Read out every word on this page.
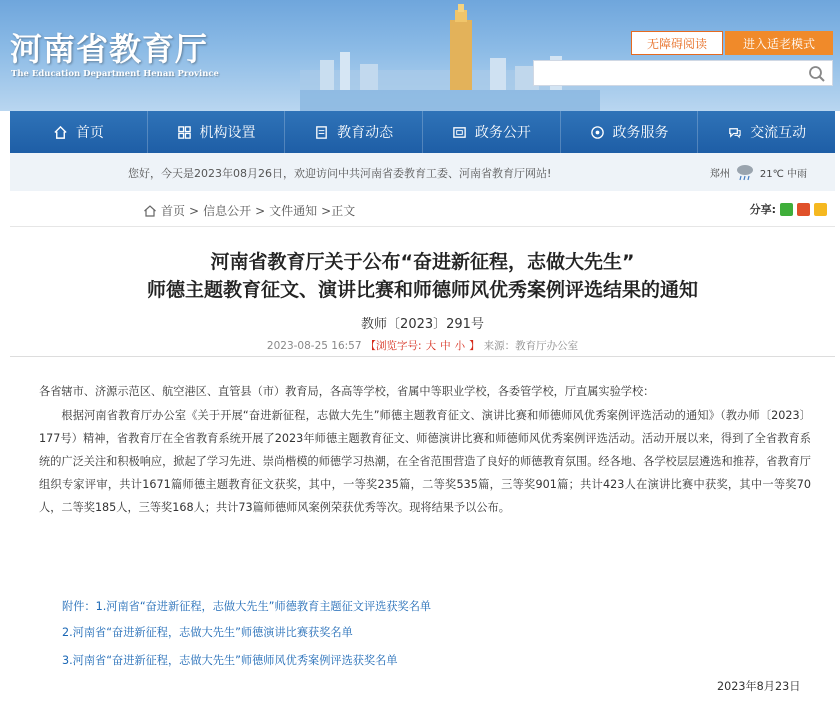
河南省教育厅
The Education Department Henan Province
无障碍阅读	进入适老模式
首页	机构设置	教育动态	政务公开	政务服务	交流互动
您好，今天是2023年08月26日，欢迎访问中共河南省委教育工委、河南省教育厅网站!	郑州	21℃ 中雨
首页 > 信息公开 > 文件通知 >正文	分享:
河南省教育厅关于公布“奋进新征程，志做大先生”
师德主题教育征文、演讲比赛和师德师风优秀案例评选结果的通知
教师〔2023〕291号
2023-08-25 16:57 【浏览字号: 大 中 小 】 来源：教育厅办公室
各省辖市、济源示范区、航空港区、直管县（市）教育局，各高等学校，省属中等职业学校，各委管学校，厅直属实验学校：
根据河南省教育厅办公室《关于开展“奋进新征程，志做大先生”师德主题教育征文、演讲比赛和师德师风优秀案例评选活动的通知》（教办师〔2023〕177号）精神，省教育厅在全省教育系统开展了2023年师德主题教育征文、师德演讲比赛和师德师风优秀案例评选活动。活动开展以来，得到了全省教育系统的广泛关注和积极响应，掀起了学习先进、崇尚楷模的师德学习热潮，在全省范围营造了良好的师德教育氛围。经各地、各学校层层遴选和推荐，省教育厅组织专家评审，共计1671篇师德主题教育征文获奖，其中，一等奖235篇，二等奖535篇，三等奖901篇；共计423人在演讲比赛中获奖，其中一等奖70人，二等奖185人，三等奖168人；共计73篇师德师风案例荣获优秀等次。现将结果予以公布。
附件：1.河南省“奋进新征程，志做大先生”师德教育主题征文评选获奖名单
2.河南省“奋进新征程，志做大先生”师德演讲比赛获奖名单
3.河南省“奋进新征程，志做大先生”师德师风优秀案例评选获奖名单
2023年8月23日
